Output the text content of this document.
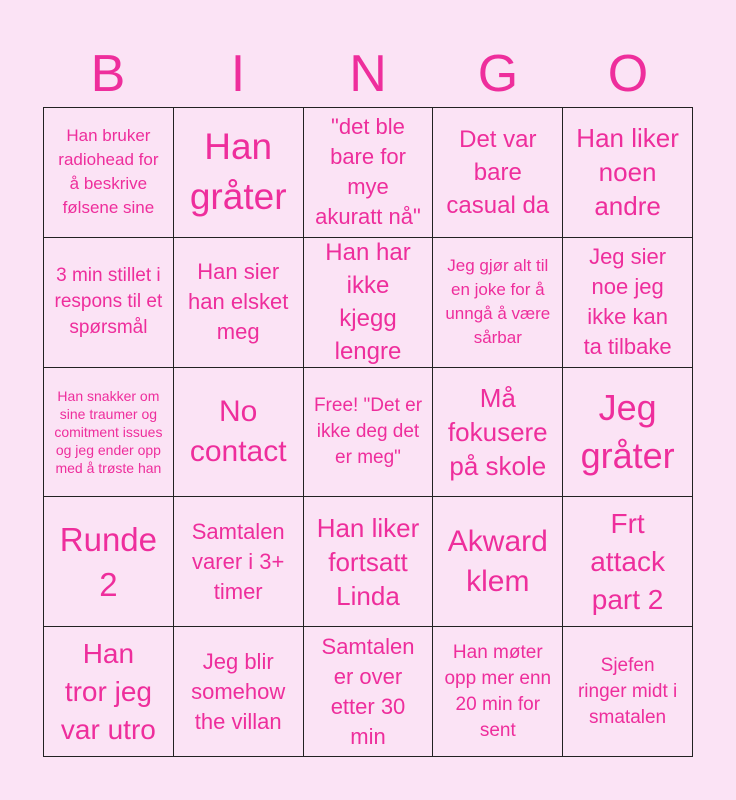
B	I	N	G	O
Han bruker radiohead for å beskrive følsene sine
Han gråter
"det ble bare for mye akuratt nå"
Det var bare casual da
Han liker noen andre
3 min stillet i respons til et spørsmål
Han sier han elsket meg
Han har ikke kjegg lengre
Jeg gjør alt til en joke for å unngå å være sårbar
Jeg sier noe jeg ikke kan ta tilbake
Han snakker om sine traumer og comitment issues og jeg ender opp med å trøste han
No contact
Free! "Det er ikke deg det er meg"
Må fokusere på skole
Jeg gråter
Runde 2
Samtalen varer i 3+ timer
Han liker fortsatt Linda
Akward klem
Frt attack part 2
Han tror jeg var utro
Jeg blir somehow the villan
Samtalen er over etter 30 min
Han møter opp mer enn 20 min for sent
Sjefen ringer midt i smatalen
